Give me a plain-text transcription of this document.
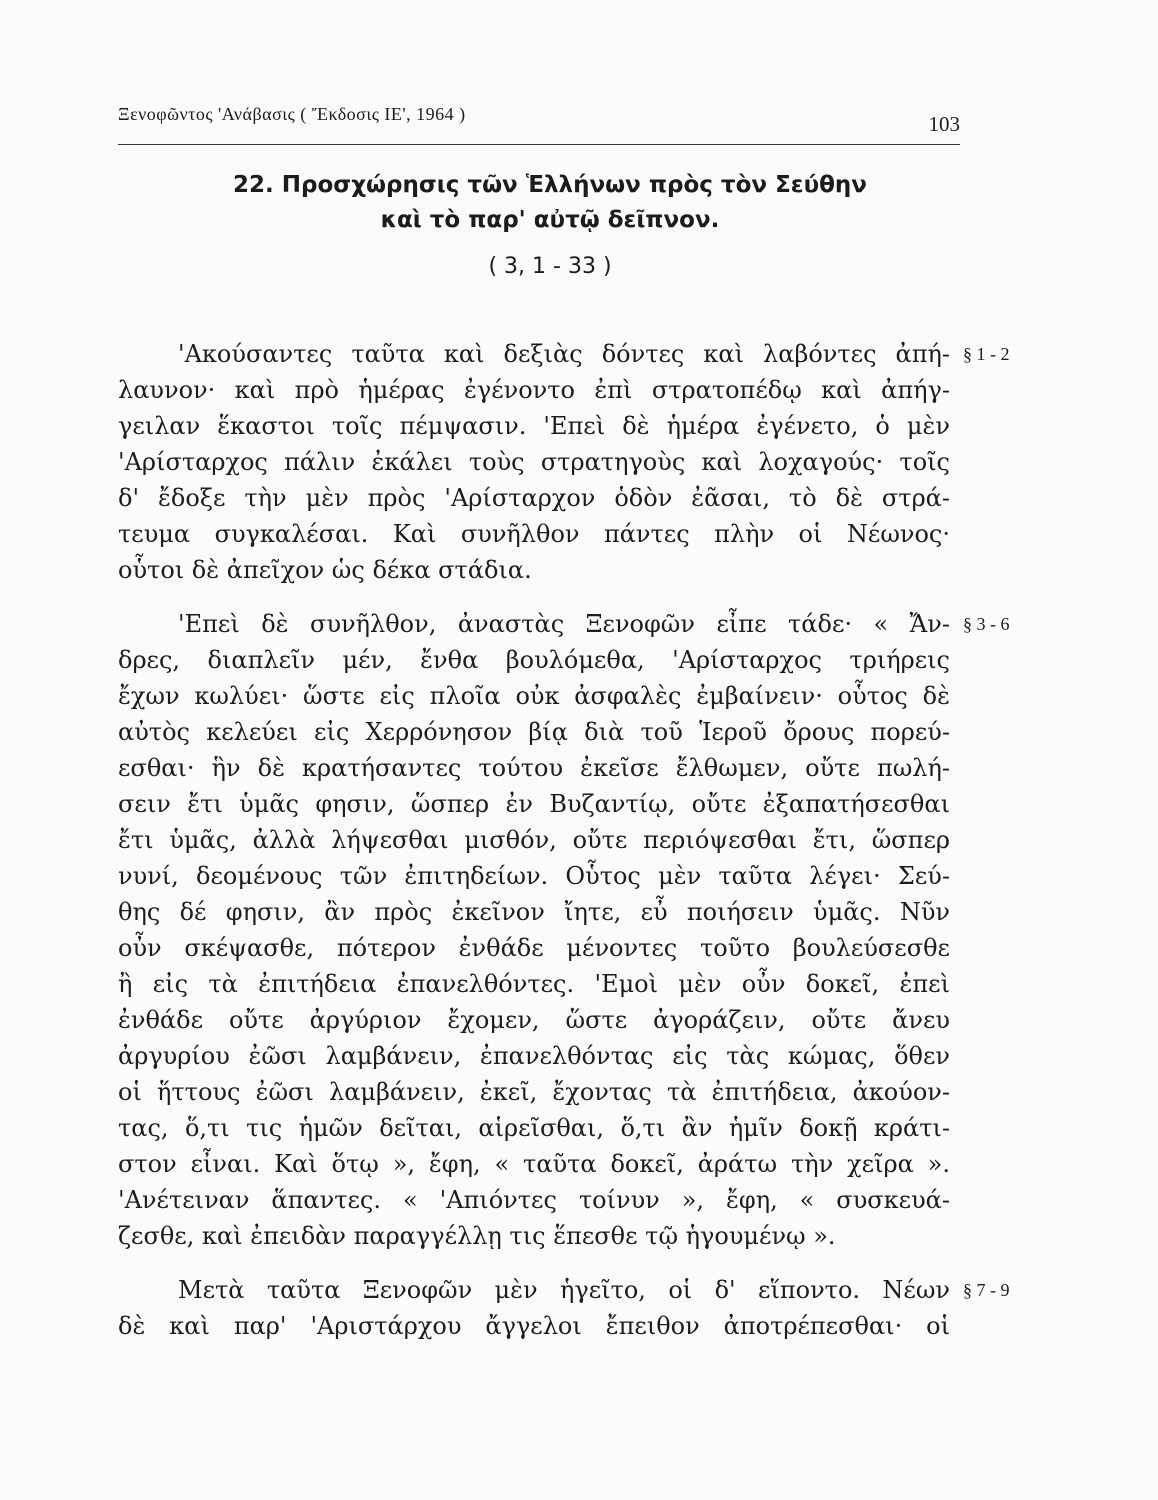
Ξενοφῶντος 'Ανάβασις ( Ἔκδοσις ΙΕ', 1964 )	103
22. Προσχώρησις τῶν Ἑλλήνων πρὸς τὸν Σεύθην
καὶ τὸ παρ' αὐτῷ δεῖπνον.
( 3, 1 - 33 )
'Ακούσαντες ταῦτα καὶ δεξιὰς δόντες καὶ λαβόντες ἀπή-
λαυνον· καὶ πρὸ ἡμέρας ἐγένοντο ἐπὶ στρατοπέδῳ καὶ ἀπήγ-
γειλαν ἕκαστοι τοῖς πέμψασιν. 'Επεὶ δὲ ἡμέρα ἐγένετο, ὁ μὲν
'Αρίσταρχος πάλιν ἐκάλει τοὺς στρατηγοὺς καὶ λοχαγούς· τοῖς
δ' ἔδοξε τὴν μὲν πρὸς 'Αρίσταρχον ὁδὸν ἐᾶσαι, τὸ δὲ στρά-
τευμα συγκαλέσαι. Καὶ συνῆλθον πάντες πλὴν οἱ Νέωνος·
οὗτοι δὲ ἀπεῖχον ὡς δέκα στάδια.
'Επεὶ δὲ συνῆλθον, ἀναστὰς Ξενοφῶν εἶπε τάδε· « Ἄν-
δρες, διαπλεῖν μέν, ἔνθα βουλόμεθα, 'Αρίσταρχος τριήρεις
ἔχων κωλύει· ὥστε εἰς πλοῖα οὐκ ἀσφαλὲς ἐμβαίνειν· οὗτος δὲ
αὐτὸς κελεύει εἰς Χερρόνησον βίᾳ διὰ τοῦ Ἱεροῦ ὄρους πορεύ-
εσθαι· ἣν δὲ κρατήσαντες τούτου ἐκεῖσε ἔλθωμεν, οὔτε πωλή-
σειν ἔτι ὑμᾶς φησιν, ὥσπερ ἐν Βυζαντίῳ, οὔτε ἐξαπατήσεσθαι
ἔτι ὑμᾶς, ἀλλὰ λήψεσθαι μισθόν, οὔτε περιόψεσθαι ἔτι, ὥσπερ
νυνί, δεομένους τῶν ἐπιτηδείων. Οὗτος μὲν ταῦτα λέγει· Σεύ-
θης δέ φησιν, ἂν πρὸς ἐκεῖνον ἴητε, εὖ ποιήσειν ὑμᾶς. Νῦν
οὖν σκέψασθε, πότερον ἐνθάδε μένοντες τοῦτο βουλεύσεσθε
ἢ εἰς τὰ ἐπιτήδεια ἐπανελθόντες. 'Εμοὶ μὲν οὖν δοκεῖ, ἐπεὶ
ἐνθάδε οὔτε ἀργύριον ἔχομεν, ὥστε ἀγοράζειν, οὔτε ἄνευ
ἀργυρίου ἐῶσι λαμβάνειν, ἐπανελθόντας εἰς τὰς κώμας, ὅθεν
οἱ ἥττους ἐῶσι λαμβάνειν, ἐκεῖ, ἔχοντας τὰ ἐπιτήδεια, ἀκούον-
τας, ὅ,τι τις ἡμῶν δεῖται, αἱρεῖσθαι, ὅ,τι ἂν ἡμῖν δοκῇ κράτι-
στον εἶναι. Καὶ ὅτῳ », ἔφη, « ταῦτα δοκεῖ, ἀράτω τὴν χεῖρα ».
'Ανέτειναν ἅπαντες. « 'Απιόντες τοίνυν », ἔφη, « συσκευά-
ζεσθε, καὶ ἐπειδὰν παραγγέλλῃ τις ἕπεσθε τῷ ἡγουμένῳ ».
Μετὰ ταῦτα Ξενοφῶν μὲν ἡγεῖτο, οἱ δ' εἵποντο. Νέων
δὲ καὶ παρ' 'Αριστάρχου ἄγγελοι ἔπειθον ἀποτρέπεσθαι· οἱ
§ 1 - 2
§ 3 - 6
§ 7 - 9
